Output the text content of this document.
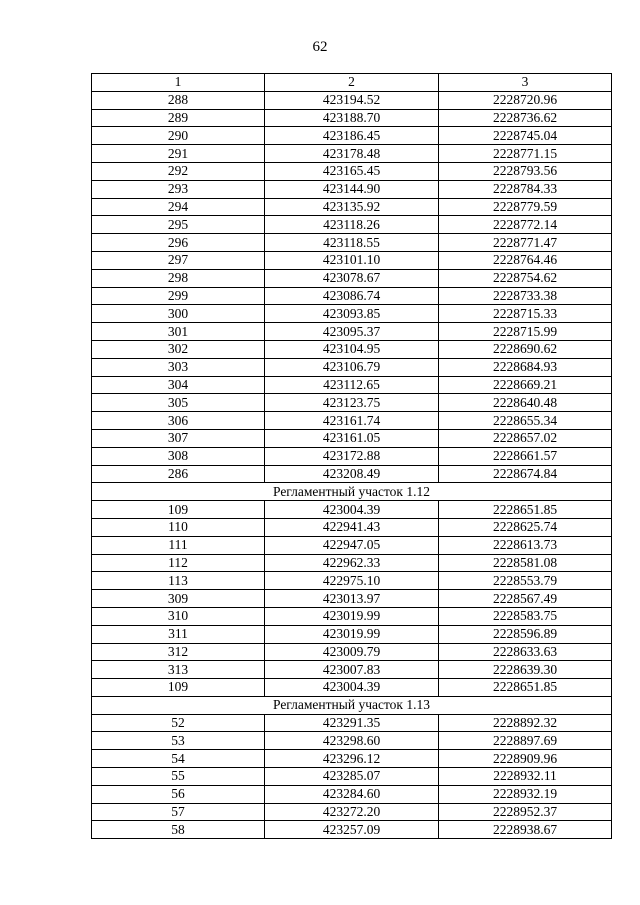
62
1	2	3
288	423194.52	2228720.96
289	423188.70	2228736.62
290	423186.45	2228745.04
291	423178.48	2228771.15
292	423165.45	2228793.56
293	423144.90	2228784.33
294	423135.92	2228779.59
295	423118.26	2228772.14
296	423118.55	2228771.47
297	423101.10	2228764.46
298	423078.67	2228754.62
299	423086.74	2228733.38
300	423093.85	2228715.33
301	423095.37	2228715.99
302	423104.95	2228690.62
303	423106.79	2228684.93
304	423112.65	2228669.21
305	423123.75	2228640.48
306	423161.74	2228655.34
307	423161.05	2228657.02
308	423172.88	2228661.57
286	423208.49	2228674.84
Регламентный участок 1.12		
109	423004.39	2228651.85
110	422941.43	2228625.74
111	422947.05	2228613.73
112	422962.33	2228581.08
113	422975.10	2228553.79
309	423013.97	2228567.49
310	423019.99	2228583.75
311	423019.99	2228596.89
312	423009.79	2228633.63
313	423007.83	2228639.30
109	423004.39	2228651.85
Регламентный участок 1.13		
52	423291.35	2228892.32
53	423298.60	2228897.69
54	423296.12	2228909.96
55	423285.07	2228932.11
56	423284.60	2228932.19
57	423272.20	2228952.37
58	423257.09	2228938.67
